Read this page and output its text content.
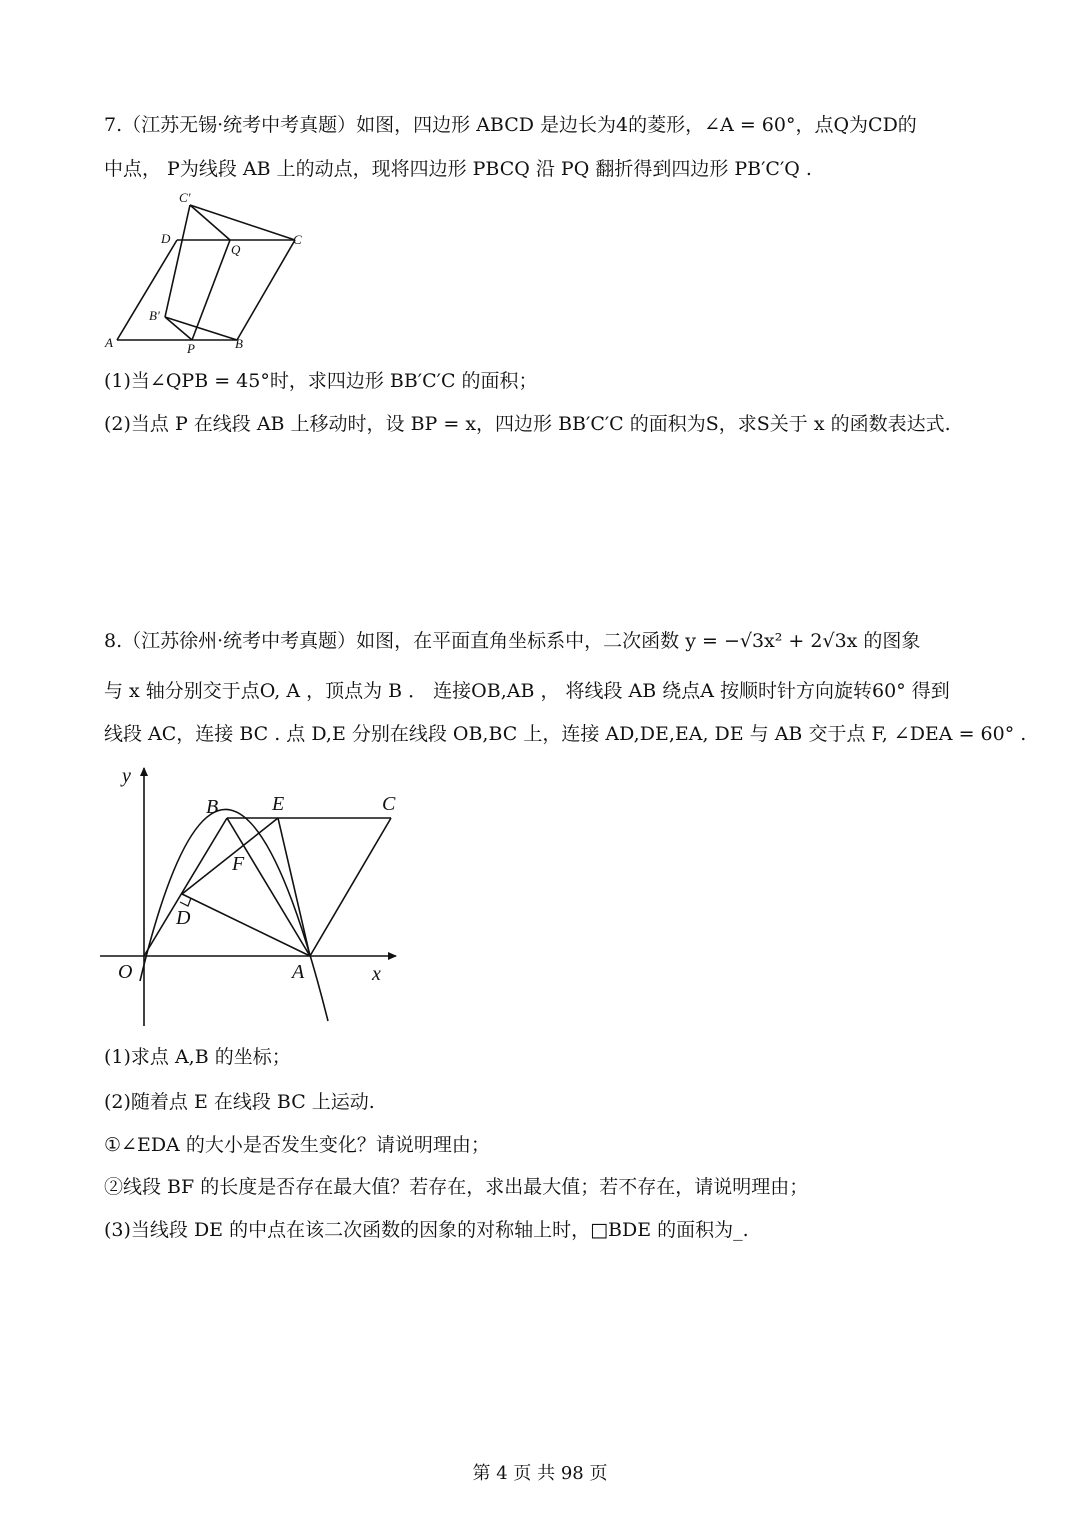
7.（江苏无锡·统考中考真题）如图，四边形 ABCD 是边长为4的菱形，∠A = 60°，点Q为CD的
中点， P为线段 AB 上的动点，现将四边形 PBCQ 沿 PQ 翻折得到四边形 PB′C′Q .
A	B
C
D
P
Q
B′
C′
(1)当∠QPB = 45°时，求四边形 BB′C′C 的面积；
(2)当点 P 在线段 AB 上移动时，设 BP = x，四边形 BB′C′C 的面积为S，求S关于 x 的函数表达式.
8.（江苏徐州·统考中考真题）如图，在平面直角坐标系中，二次函数 y = −√3x² + 2√3x 的图象
与 x 轴分别交于点O, A ，顶点为 B ． 连接OB,AB ， 将线段 AB 绕点A 按顺时针方向旋转60° 得到
线段 AC，连接 BC . 点 D,E 分别在线段 OB,BC 上，连接 AD,DE,EA, DE 与 AB 交于点 F, ∠DEA = 60° .
y
x
O	A
B	C
D
E
F
(1)求点 A,B 的坐标；
(2)随着点 E 在线段 BC 上运动.
①∠EDA 的大小是否发生变化？请说明理由；
②线段 BF 的长度是否存在最大值？若存在，求出最大值；若不存在，请说明理由；
(3)当线段 DE 的中点在该二次函数的因象的对称轴上时，□BDE 的面积为_.
第 4 页 共 98 页
